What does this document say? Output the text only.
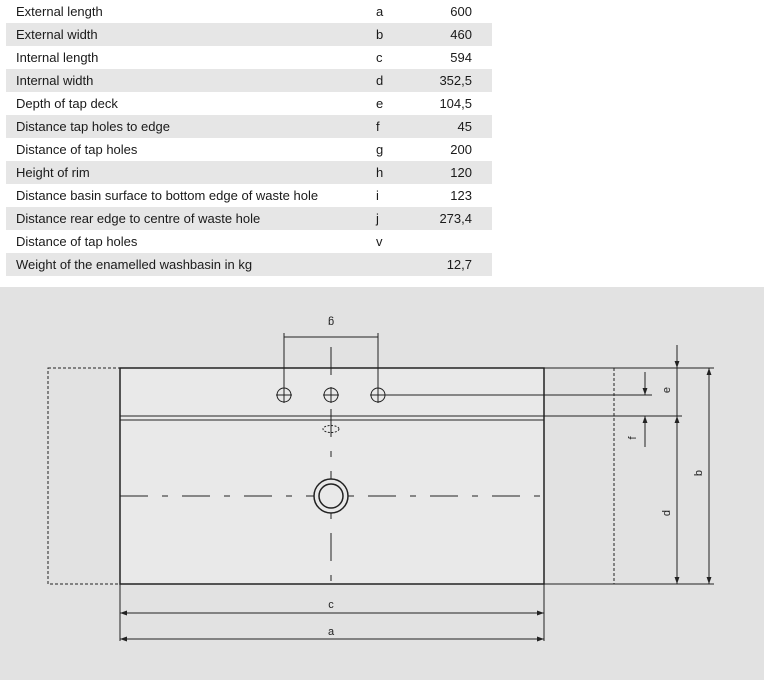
External length	a	600
External width	b	460
Internal length	c	594
Internal width	d	352,5
Depth of tap deck	e	104,5
Distance tap holes to edge	f	45
Distance of tap holes	g	200
Height of rim	h	120
Distance basin surface to bottom edge of waste hole	i	123
Distance rear edge to centre of waste hole	j	273,4
Distance of tap holes	v	
Weight of the enamelled washbasin in kg		12,7
g
c
a
e
f
d
b
